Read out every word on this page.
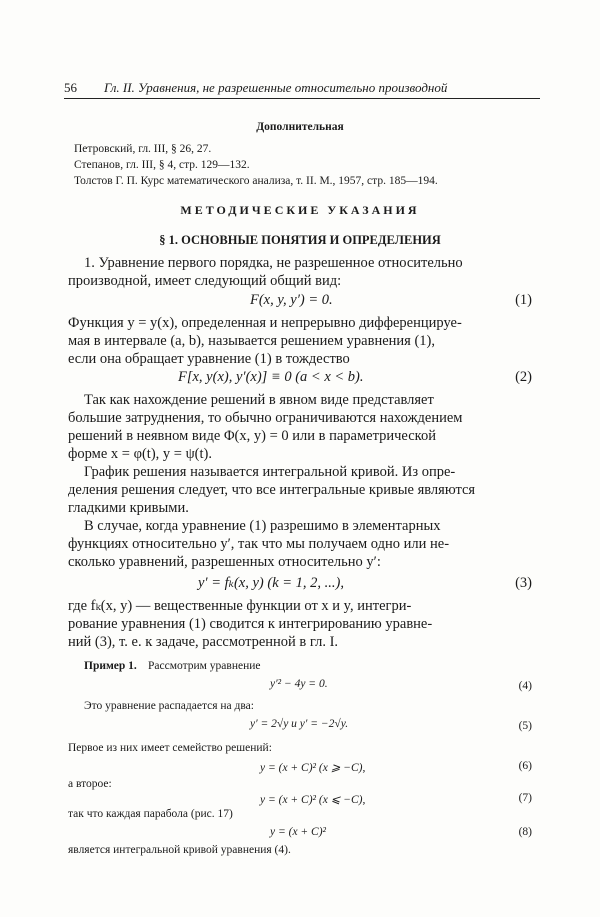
56 Гл. II. Уравнения, не разрешенные относительно производной
Дополнительная
Петровский, гл. III, § 26, 27.
Степанов, гл. III, § 4, стр. 129—132.
Толстов Г. П. Курс математического анализа, т. II. М., 1957, стр. 185—194.
МЕТОДИЧЕСКИЕ УКАЗАНИЯ
§ 1. ОСНОВНЫЕ ПОНЯТИЯ И ОПРЕДЕЛЕНИЯ
1. Уравнение первого порядка, не разрешенное относительно
производной, имеет следующий общий вид:
F(x, y, y′) = 0.	(1)
Функция y = y(x), определенная и непрерывно дифференцируе-
мая в интервале (a, b), называется решением уравнения (1),
если она обращает уравнение (1) в тождество
F[x, y(x), y′(x)] ≡ 0 (a < x < b).	(2)
Так как нахождение решений в явном виде представляет
большие затруднения, то обычно ограничиваются нахождением
решений в неявном виде Φ(x, y) = 0 или в параметрической
форме x = φ(t), y = ψ(t).
График решения называется интегральной кривой. Из опре-
деления решения следует, что все интегральные кривые являются
гладкими кривыми.
В случае, когда уравнение (1) разрешимо в элементарных
функциях относительно y′, так что мы получаем одно или не-
сколько уравнений, разрешенных относительно y′:
y′ = fₖ(x, y) (k = 1, 2, ...),	(3)
где fₖ(x, y) — вещественные функции от x и y, интегри-
рование уравнения (1) сводится к интегрированию уравне-
ний (3), т. е. к задаче, рассмотренной в гл. I.
Пример 1. Рассмотрим уравнение
y′² − 4y = 0.	(4)
Это уравнение распадается на два:
y′ = 2√y и y′ = −2√y.	(5)
Первое из них имеет семейство решений:
y = (x + C)² (x ⩾ −C),	(6)
а второе:
y = (x + C)² (x ⩽ −C),	(7)
так что каждая парабола (рис. 17)
y = (x + C)²	(8)
является интегральной кривой уравнения (4).
